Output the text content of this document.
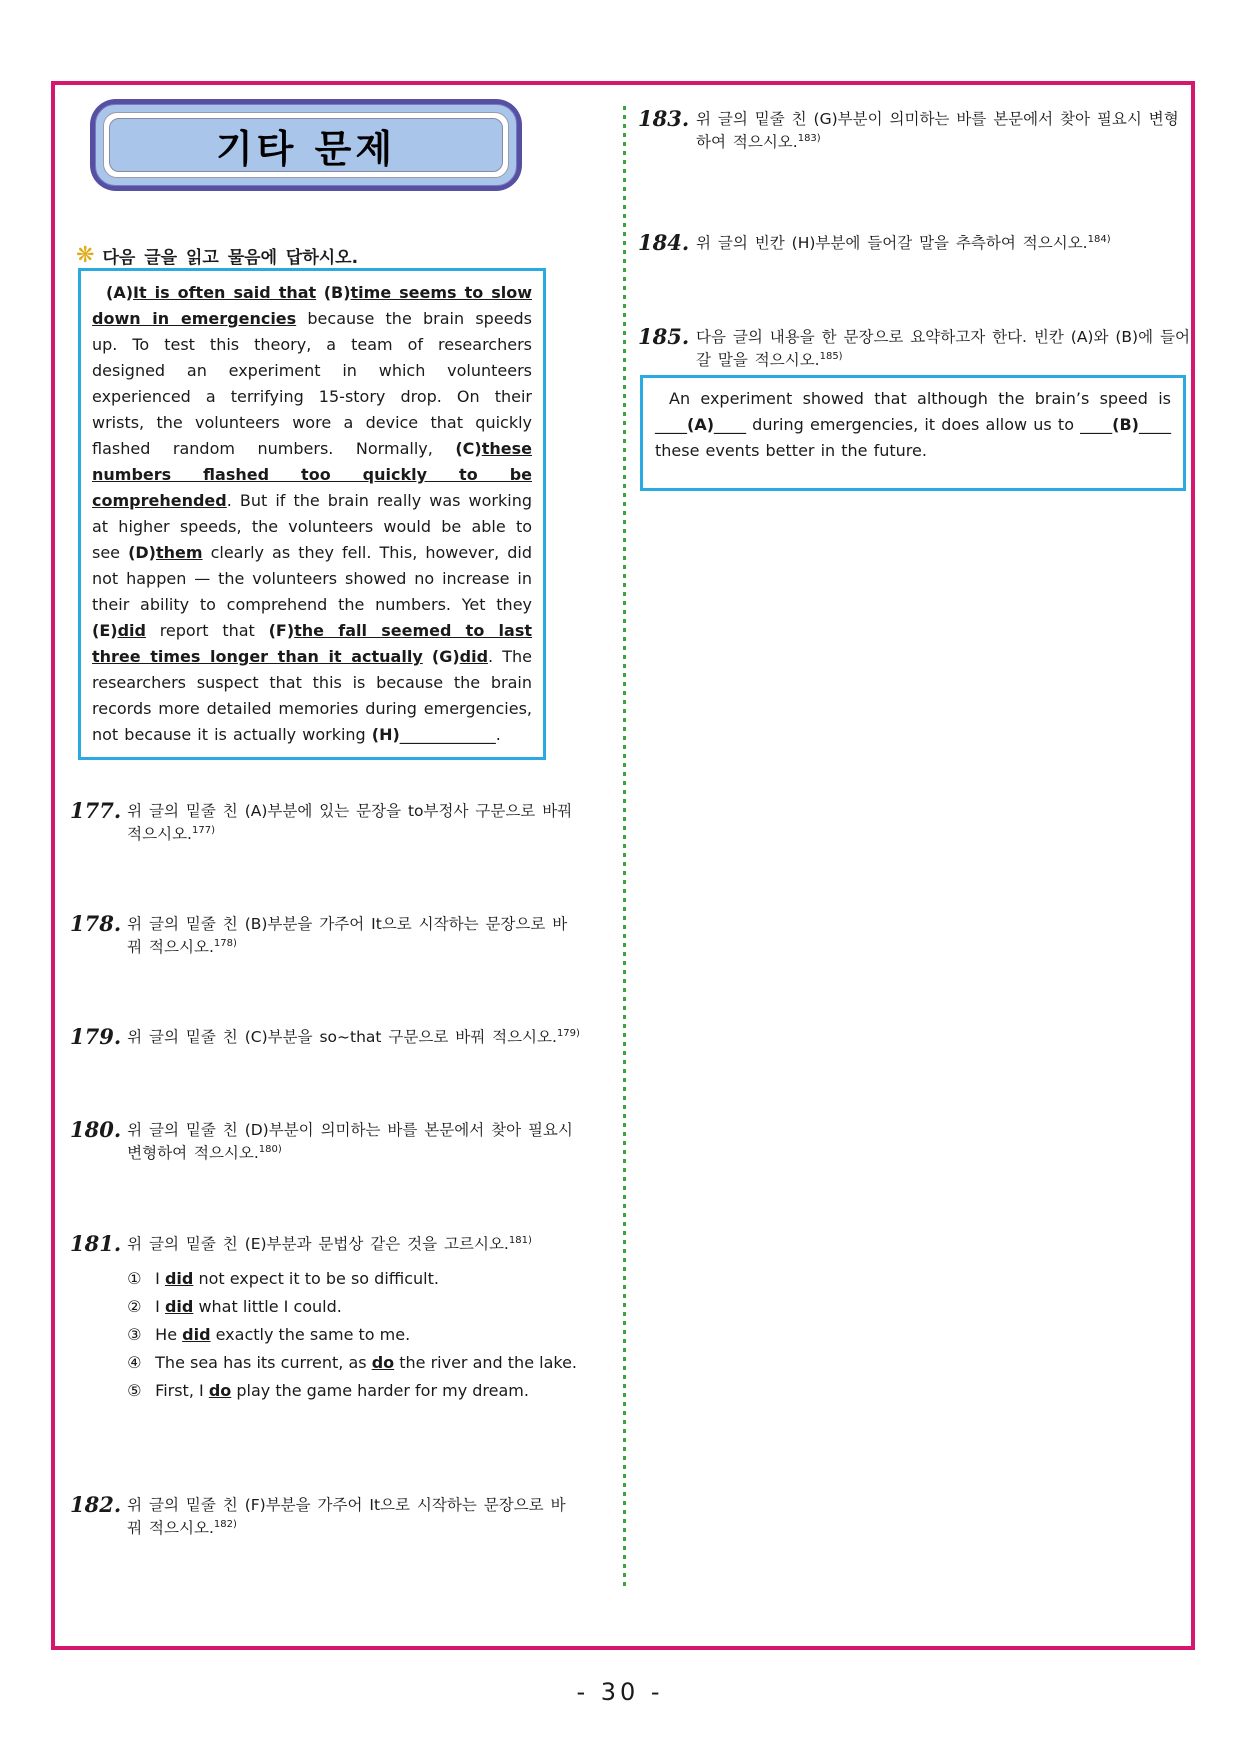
기타 문제
❋ 다음 글을 읽고 물음에 답하시오.

(A)It is often said that (B)time seems to slow down in emergencies because the brain speeds up. To test this theory, a team of researchers designed an experiment in which volunteers experienced a terrifying 15-story drop. On their wrists, the volunteers wore a device that quickly flashed random numbers. Normally, (C)these numbers flashed too quickly to be comprehended. But if the brain really was working at higher speeds, the volunteers would be able to see (D)them clearly as they fell. This, however, did not happen — the volunteers showed no increase in their ability to comprehend the numbers. Yet they (E)did report that (F)the fall seemed to last three times longer than it actually (G)did. The researchers suspect that this is because the brain records more detailed memories during emergencies, not because it is actually working (H)____________.

177. 위 글의 밑줄 친 (A)부분에 있는 문장을 to부정사 구문으로 바꿔 적으시오.$^{177)}$
178. 위 글의 밑줄 친 (B)부분을 가주어 It으로 시작하는 문장으로 바꿔 적으시오.$^{178)}$
179. 위 글의 밑줄 친 (C)부분을 so~that 구문으로 바꿔 적으시오.$^{179)}$
180. 위 글의 밑줄 친 (D)부분이 의미하는 바를 본문에서 찾아 필요시 변형하여 적으시오.$^{180)}$
181. 위 글의 밑줄 친 (E)부분과 문법상 같은 것을 고르시오.$^{181)}$
① I did not expect it to be so difficult.
② I did what little I could.
③ He did exactly the same to me.
④ The sea has its current, as do the river and the lake.
⑤ First, I do play the game harder for my dream.
182. 위 글의 밑줄 친 (F)부분을 가주어 It으로 시작하는 문장으로 바꿔 적으시오.$^{182)}$
183. 위 글의 밑줄 친 (G)부분이 의미하는 바를 본문에서 찾아 필요시 변형하여 적으시오.$^{183)}$
184. 위 글의 빈칸 (H)부분에 들어갈 말을 추측하여 적으시오.$^{184)}$
185. 다음 글의 내용을 한 문장으로 요약하고자 한다. 빈칸 (A)와 (B)에 들어갈 말을 적으시오.$^{185)}$

An experiment showed that although the brain’s speed is ____(A)____ during emergencies, it does allow us to ____(B)____ these events better in the future.

- 30 -
